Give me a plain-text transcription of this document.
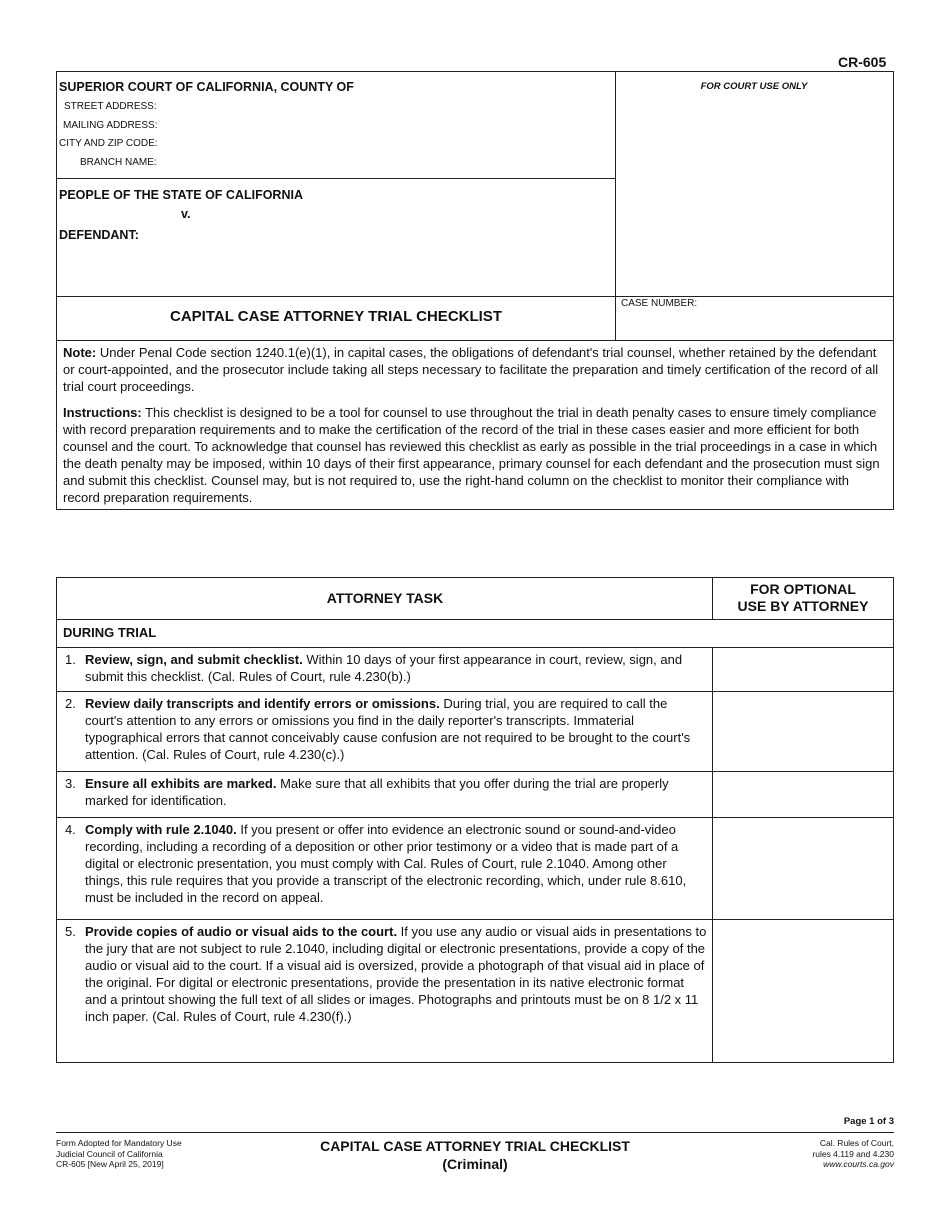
CR-605
SUPERIOR COURT OF CALIFORNIA, COUNTY OF
STREET ADDRESS:
MAILING ADDRESS:
CITY AND ZIP CODE:
BRANCH NAME:
PEOPLE OF THE STATE OF CALIFORNIA
v.
DEFENDANT:
FOR COURT USE ONLY
CAPITAL CASE ATTORNEY TRIAL CHECKLIST
CASE NUMBER:

Note: Under Penal Code section 1240.1(e)(1), in capital cases, the obligations of defendant's trial counsel, whether retained by the defendant or court-appointed, and the prosecutor include taking all steps necessary to facilitate the preparation and timely certification of the record of all trial court proceedings.

Instructions: This checklist is designed to be a tool for counsel to use throughout the trial in death penalty cases to ensure timely compliance with record preparation requirements and to make the certification of the record of the trial in these cases easier and more efficient for both counsel and the court. To acknowledge that counsel has reviewed this checklist as early as possible in the trial proceedings in a case in which the death penalty may be imposed, within 10 days of their first appearance, primary counsel for each defendant and the prosecution must sign and submit this checklist. Counsel may, but is not required to, use the right-hand column on the checklist to monitor their compliance with record preparation requirements.

ATTORNEY TASK
FOR OPTIONAL
USE BY ATTORNEY
DURING TRIAL
1. Review, sign, and submit checklist. Within 10 days of your first appearance in court, review, sign, and submit this checklist. (Cal. Rules of Court, rule 4.230(b).)
2. Review daily transcripts and identify errors or omissions. During trial, you are required to call the court's attention to any errors or omissions you find in the daily reporter's transcripts. Immaterial typographical errors that cannot conceivably cause confusion are not required to be brought to the court's attention. (Cal. Rules of Court, rule 4.230(c).)
3. Ensure all exhibits are marked. Make sure that all exhibits that you offer during the trial are properly marked for identification.
4. Comply with rule 2.1040. If you present or offer into evidence an electronic sound or sound-and-video recording, including a recording of a deposition or other prior testimony or a video that is made part of a digital or electronic presentation, you must comply with Cal. Rules of Court, rule 2.1040. Among other things, this rule requires that you provide a transcript of the electronic recording, which, under rule 8.610, must be included in the record on appeal.
5. Provide copies of audio or visual aids to the court. If you use any audio or visual aids in presentations to the jury that are not subject to rule 2.1040, including digital or electronic presentations, provide a copy of the audio or visual aid to the court. If a visual aid is oversized, provide a photograph of that visual aid in place of the original. For digital or electronic presentations, provide the presentation in its native electronic format and a printout showing the full text of all slides or images. Photographs and printouts must be on 8 1/2 x 11 inch paper. (Cal. Rules of Court, rule 4.230(f).)
Page 1 of 3
Form Adopted for Mandatory Use
Judicial Council of California
CR-605 [New April 25, 2019]
CAPITAL CASE ATTORNEY TRIAL CHECKLIST
(Criminal)
Cal. Rules of Court,
rules 4.119 and 4.230
www.courts.ca.gov
